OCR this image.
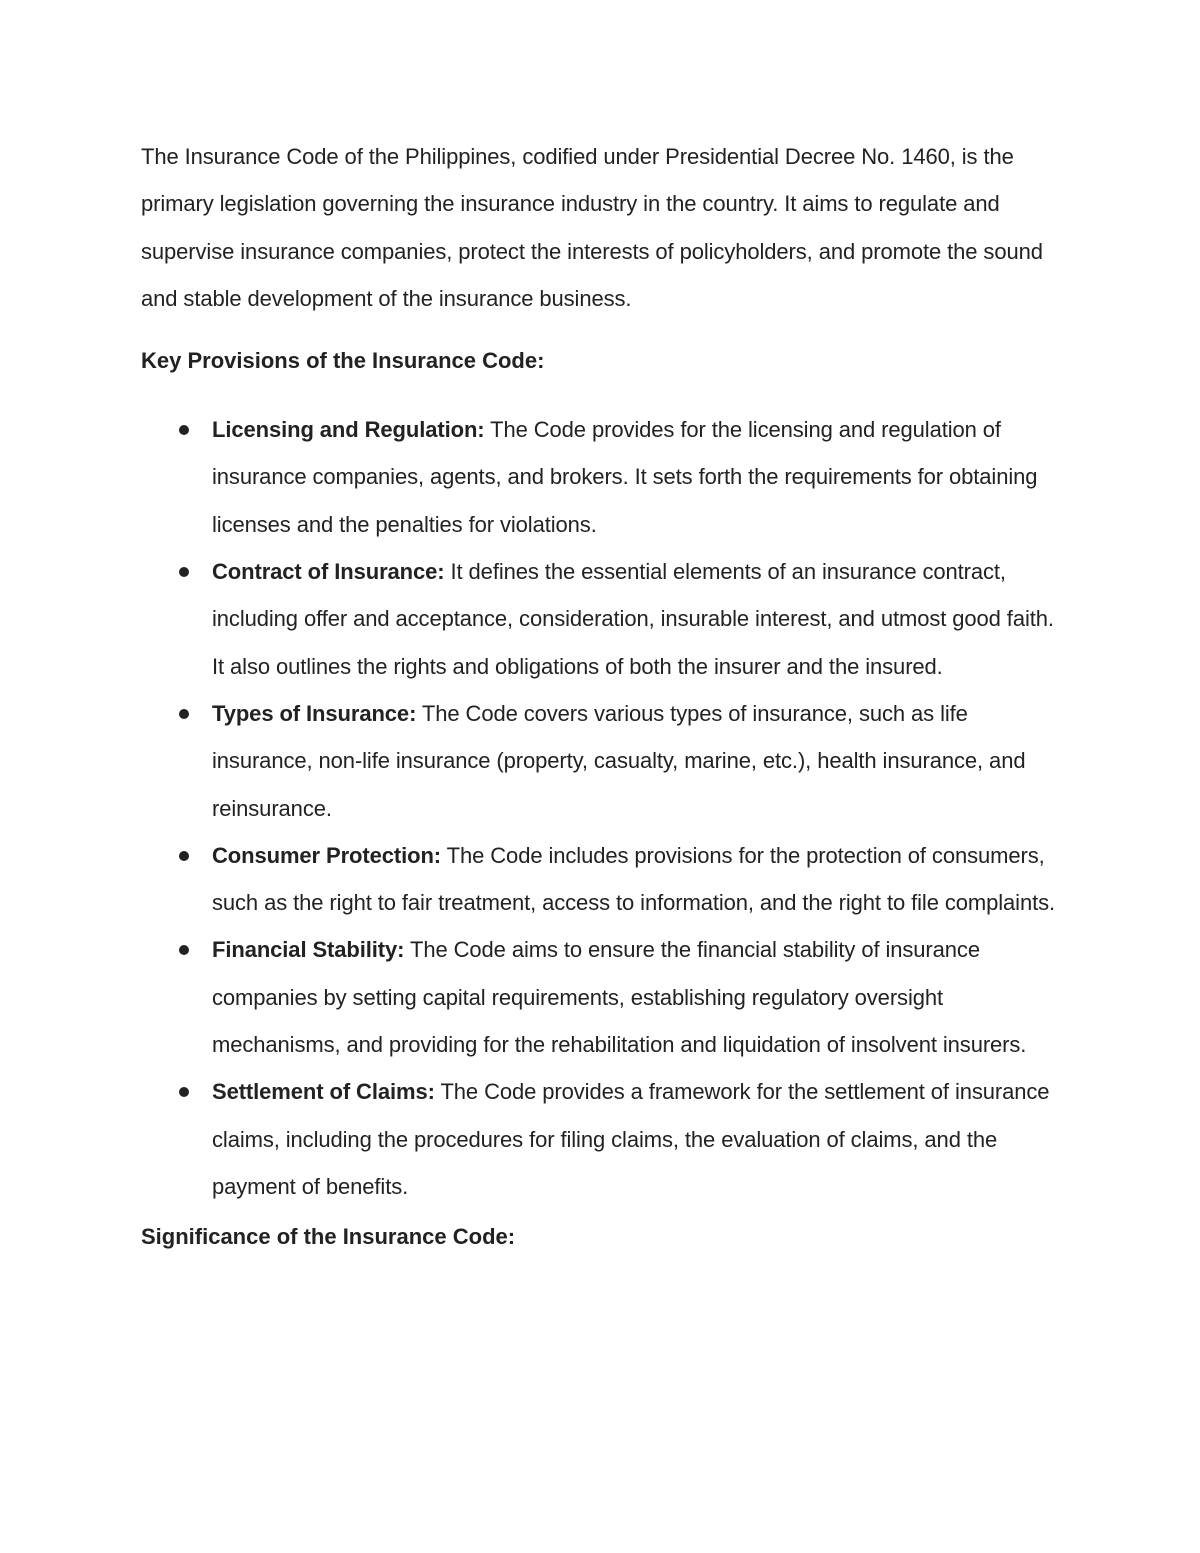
The Insurance Code of the Philippines, codified under Presidential Decree No. 1460, is the primary legislation governing the insurance industry in the country. It aims to regulate and supervise insurance companies, protect the interests of policyholders, and promote the sound and stable development of the insurance business.

Key Provisions of the Insurance Code:
Licensing and Regulation: The Code provides for the licensing and regulation of insurance companies, agents, and brokers. It sets forth the requirements for obtaining licenses and the penalties for violations.
Contract of Insurance: It defines the essential elements of an insurance contract, including offer and acceptance, consideration, insurable interest, and utmost good faith. It also outlines the rights and obligations of both the insurer and the insured.
Types of Insurance: The Code covers various types of insurance, such as life insurance, non-life insurance (property, casualty, marine, etc.), health insurance, and reinsurance.
Consumer Protection: The Code includes provisions for the protection of consumers, such as the right to fair treatment, access to information, and the right to file complaints.
Financial Stability: The Code aims to ensure the financial stability of insurance companies by setting capital requirements, establishing regulatory oversight mechanisms, and providing for the rehabilitation and liquidation of insolvent insurers.
Settlement of Claims: The Code provides a framework for the settlement of insurance claims, including the procedures for filing claims, the evaluation of claims, and the payment of benefits.
Significance of the Insurance Code:
